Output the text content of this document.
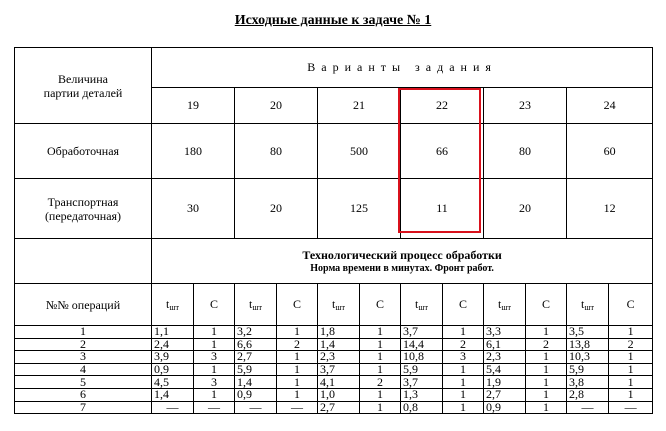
Исходные данные к задаче № 1
Величина
партии деталей	Варианты задания											
	19		20		21		22		23		24	
Обработочная	180		80		500		66		80		60	
Транспортная
(передаточная)	30		20		125		11		20		12	

	Технологический процесс обработки
Норма времени в минутах. Фронт работ.											

№№ операций	$t_{шт}$	C	$t_{шт}$	C	$t_{шт}$	C	$t_{шт}$	C	$t_{шт}$	C	$t_{шт}$	C
1	1,1	1	3,2	1	1,8	1	3,7	1	3,3	1	3,5	1
2	2,4	1	6,6	2	1,4	1	14,4	2	6,1	2	13,8	2
3	3,9	3	2,7	1	2,3	1	10,8	3	2,3	1	10,3	1
4	0,9	1	5,9	1	3,7	1	5,9	1	5,4	1	5,9	1
5	4,5	3	1,4	1	4,1	2	3,7	1	1,9	1	3,8	1
6	1,4	1	0,9	1	1,0	1	1,3	1	2,7	1	2,8	1
7	—	—	—	—	2,7	1	0,8	1	0,9	1	—	—
